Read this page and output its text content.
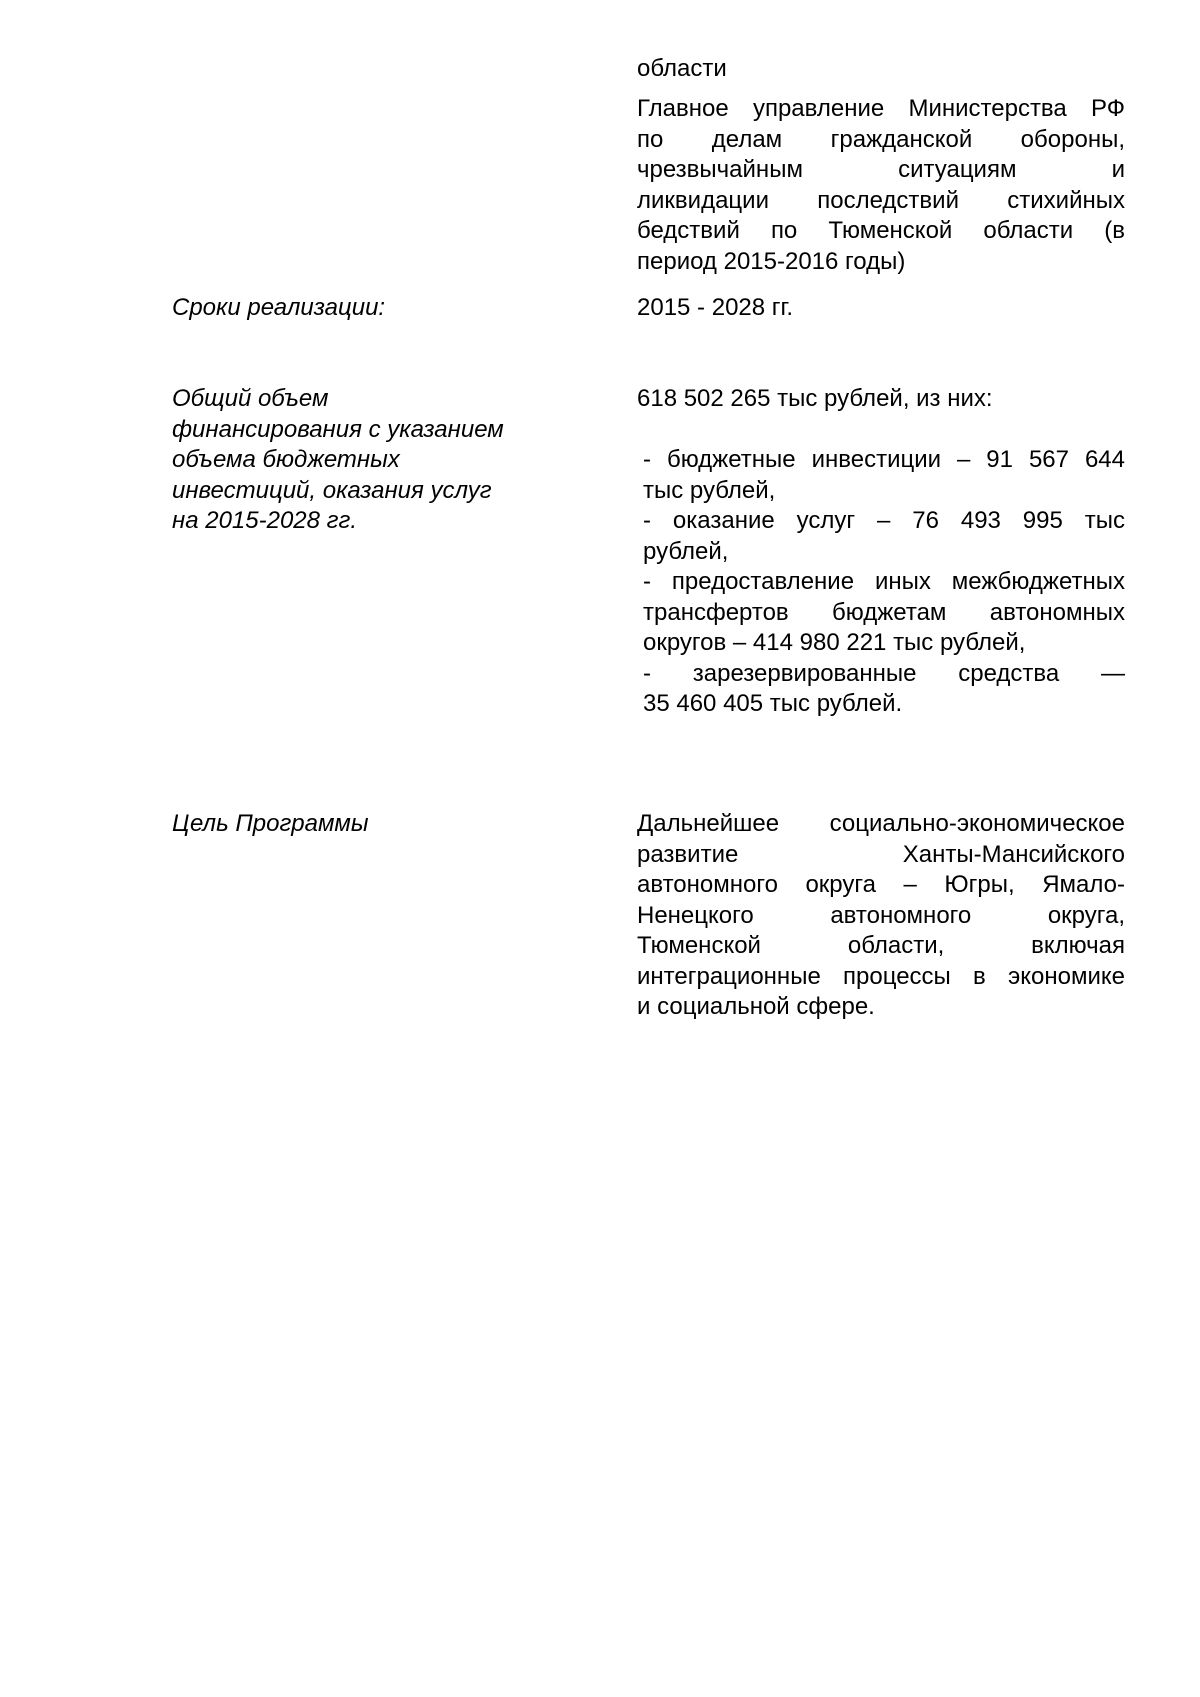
области
Главное управление Министерства РФ
по делам гражданской обороны,
чрезвычайным ситуациям и
ликвидации последствий стихийных
бедствий по Тюменской области (в
период 2015-2016 годы)
Сроки реализации:	2015 - 2028 гг.
Общий объем
финансирования с указанием
объема бюджетных
инвестиций, оказания услуг
на 2015-2028 гг.
618 502 265 тыс рублей, из них:
- бюджетные инвестиции – 91 567 644
тыс рублей,
- оказание услуг – 76 493 995 тыс
рублей,
- предоставление иных межбюджетных
трансфертов бюджетам автономных
округов – 414 980 221 тыс рублей,
- зарезервированные средства —
35 460 405 тыс рублей.
Цель Программы	Дальнейшее социально-экономическое
развитие Ханты-Мансийского
автономного округа – Югры, Ямало-
Ненецкого автономного округа,
Тюменской области, включая
интеграционные процессы в экономике
и социальной сфере.
